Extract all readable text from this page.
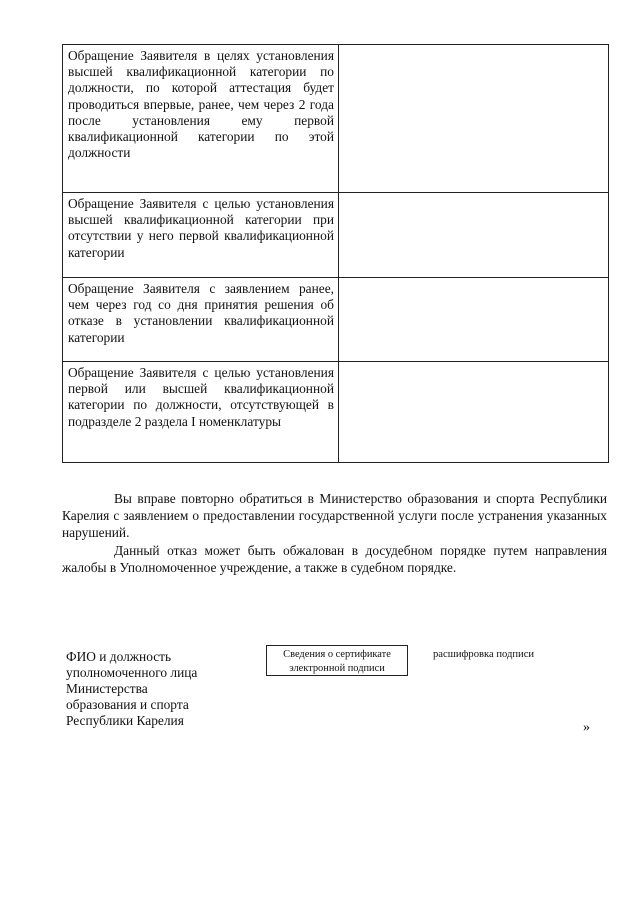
Обращение Заявителя в целях установления высшей квалификационной категории по должности, по которой аттестация будет проводиться впервые, ранее, чем через 2 года после установления ему первой квалификационной категории по этой должности	
Обращение Заявителя с целью установления высшей квалификационной категории при отсутствии у него первой квалификационной категории	
Обращение Заявителя с заявлением ранее, чем через год со дня принятия решения об отказе в установлении квалификационной категории	
Обращение Заявителя с целью установления первой или высшей квалификационной категории по должности, отсутствующей в подразделе 2 раздела I номенклатуры	

Вы вправе повторно обратиться в Министерство образования и спорта Республики Карелия с заявлением о предоставлении государственной услуги после устранения указанных нарушений.

Данный отказ может быть обжалован в досудебном порядке путем направления жалобы в Уполномоченное учреждение, а также в судебном порядке.

ФИО и должность
уполномоченного лица
Министерства
образования и спорта
Республики Карелия
Сведения о сертификате
электронной подписи
расшифровка подписи
»
